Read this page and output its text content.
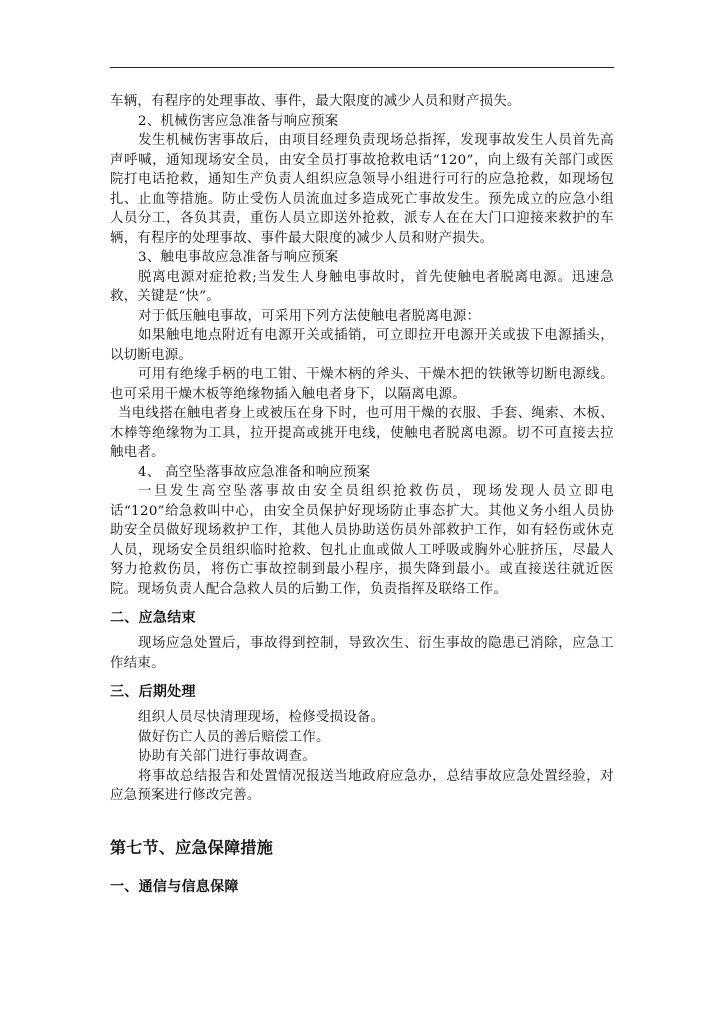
车辆，有程序的处理事故、事件，最大限度的减少人员和财产损失。

2、机械伤害应急准备与响应预案

发生机械伤害事故后，由项目经理负责现场总指挥，发现事故发生人员首先高声呼喊，通知现场安全员，由安全员打事故抢救电话“120”，向上级有关部门或医院打电话抢救，通知生产负责人组织应急领导小组进行可行的应急抢救，如现场包扎、止血等措施。防止受伤人员流血过多造成死亡事故发生。预先成立的应急小组人员分工，各负其责，重伤人员立即送外抢救，派专人在在大门口迎接来救护的车辆，有程序的处理事故、事件最大限度的减少人员和财产损失。

3、触电事故应急准备与响应预案

脱离电源对症抢救;当发生人身触电事故时，首先使触电者脱离电源。迅速急救，关键是“快”。

对于低压触电事故，可采用下列方法使触电者脱离电源：

如果触电地点附近有电源开关或插销，可立即拉开电源开关或拔下电源插头，以切断电源。

可用有绝缘手柄的电工钳、干燥木柄的斧头、干燥木把的铁锹等切断电源线。也可采用干燥木板等绝缘物插入触电者身下，以隔离电源。

当电线搭在触电者身上或被压在身下时，也可用干燥的衣服、手套、绳索、木板、木棒等绝缘物为工具，拉开提高或挑开电线，使触电者脱离电源。切不可直接去拉触电者。

4、 高空坠落事故应急准备和响应预案

一旦发生高空坠落事故由安全员组织抢救伤员，现场发现人员立即电话“120”给急救叫中心，由安全员保护好现场防止事态扩大。其他义务小组人员协助安全员做好现场救护工作，其他人员协助送伤员外部救护工作，如有轻伤或休克人员，现场安全员组织临时抢救、包扎止血或做人工呼吸或胸外心脏挤压，尽最人努力抢救伤员，将伤亡事故控制到最小程序，损失降到最小。或直接送往就近医院。现场负责人配合急救人员的后勤工作，负责指挥及联络工作。

二、应急结束

现场应急处置后，事故得到控制，导致次生、衍生事故的隐患已消除，应急工作结束。

三、后期处理

组织人员尽快清理现场，检修受损设备。

做好伤亡人员的善后赔偿工作。

协助有关部门进行事故调查。

将事故总结报告和处置情况报送当地政府应急办，总结事故应急处置经验，对应急预案进行修改完善。

第七节、应急保障措施

一、通信与信息保障
